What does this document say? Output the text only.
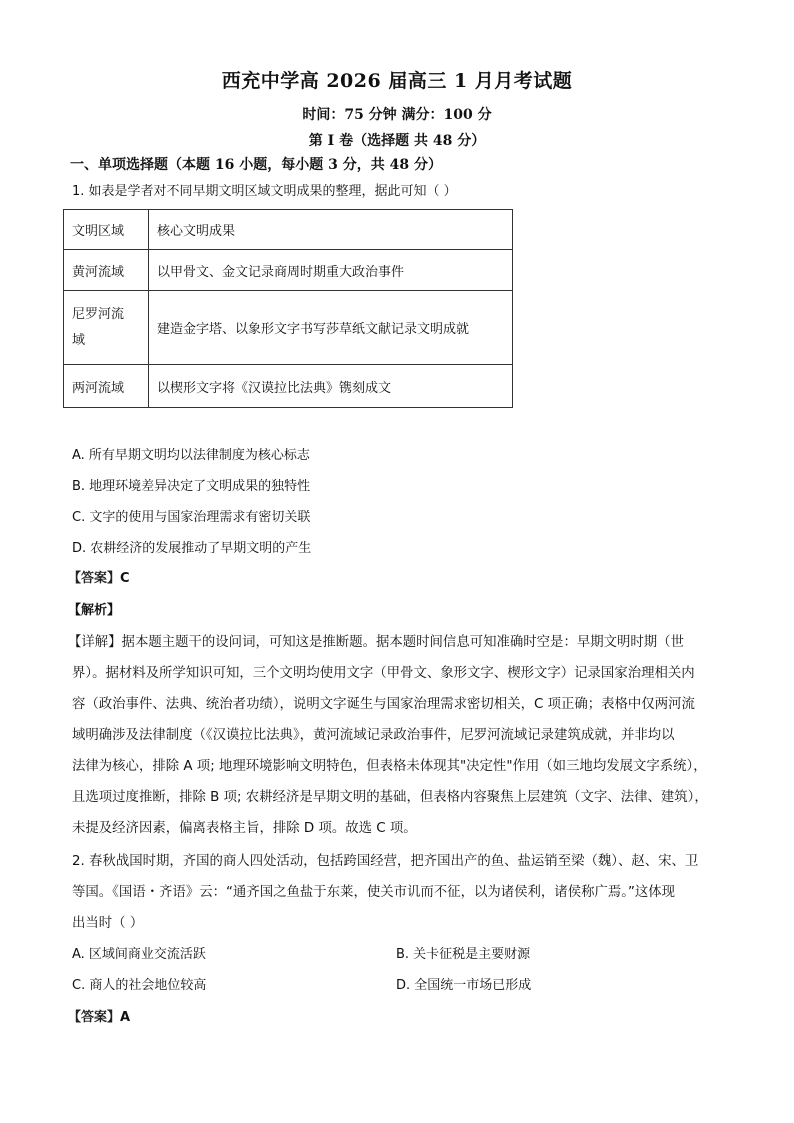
西充中学高 2026 届高三 1 月月考试题
时间：75 分钟 满分：100 分
第 I 卷（选择题 共 48 分）
一、单项选择题（本题 16 小题，每小题 3 分，共 48 分）
1. 如表是学者对不同早期文明区域文明成果的整理，据此可知（ ）
文明区域	核心文明成果
黄河流域	以甲骨文、金文记录商周时期重大政治事件

尼罗河流
域	建造金字塔、以象形文字书写莎草纸文献记录文明成就
两河流域	以楔形文字将《汉谟拉比法典》镌刻成文
A. 所有早期文明均以法律制度为核心标志
B. 地理环境差异决定了文明成果的独特性
C. 文字的使用与国家治理需求有密切关联
D. 农耕经济的发展推动了早期文明的产生
【答案】C
【解析】
【详解】据本题主题干的设问词，可知这是推断题。据本题时间信息可知准确时空是：早期文明时期（世
界）。据材料及所学知识可知，三个文明均使用文字（甲骨文、象形文字、楔形文字）记录国家治理相关内
容（政治事件、法典、统治者功绩），说明文字诞生与国家治理需求密切相关，C 项正确；表格中仅两河流
域明确涉及法律制度（《汉谟拉比法典》，黄河流域记录政治事件，尼罗河流域记录建筑成就，并非均以
法律为核心，排除 A 项; 地理环境影响文明特色，但表格未体现其"决定性"作用（如三地均发展文字系统），
且选项过度推断，排除 B 项; 农耕经济是早期文明的基础，但表格内容聚焦上层建筑（文字、法律、建筑），
未提及经济因素，偏离表格主旨，排除 D 项。故选 C 项。
2. 春秋战国时期，齐国的商人四处活动，包括跨国经营，把齐国出产的鱼、盐运销至梁（魏）、赵、宋、卫
等国。《国语・齐语》云：“通齐国之鱼盐于东莱，使关市讥而不征，以为诸侯利，诸侯称广焉。”这体现
出当时（ ）
A. 区域间商业交流活跃	B. 关卡征税是主要财源
C. 商人的社会地位较高	D. 全国统一市场已形成
【答案】A
